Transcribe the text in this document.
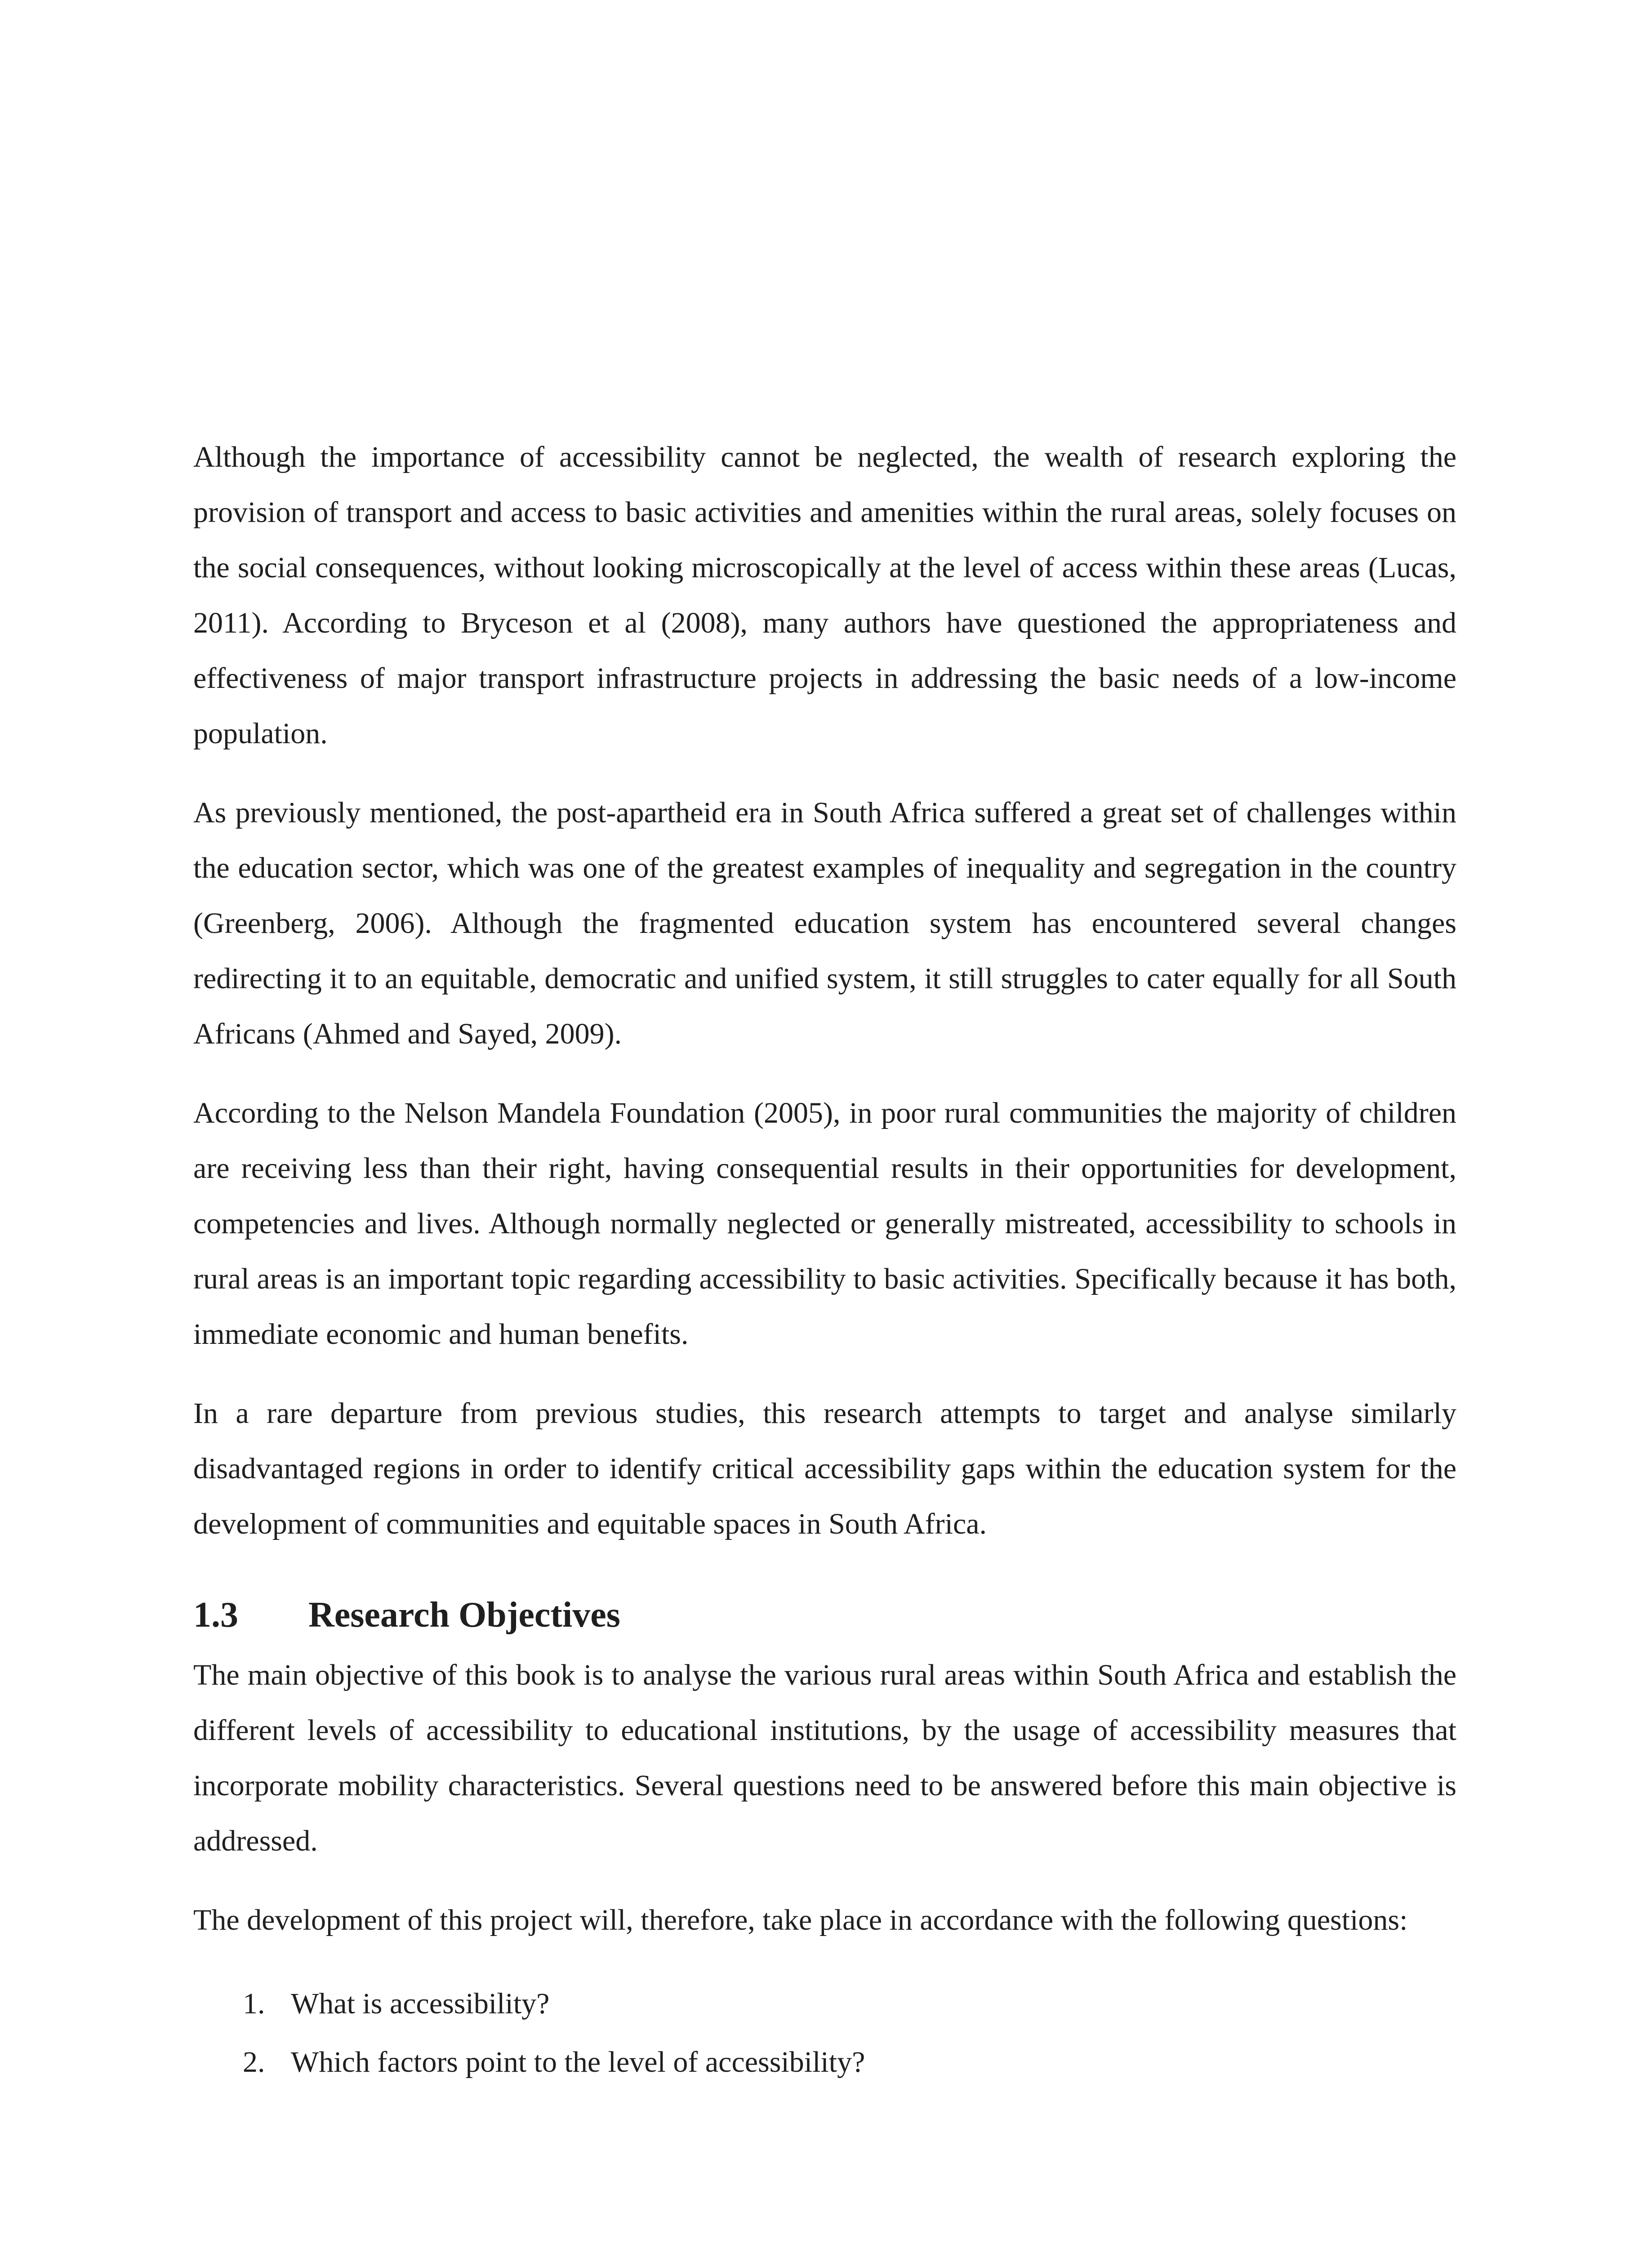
Although the importance of accessibility cannot be neglected, the wealth of research exploring the provision of transport and access to basic activities and amenities within the rural areas, solely focuses on the social consequences, without looking microscopically at the level of access within these areas (Lucas, 2011). According to Bryceson et al (2008), many authors have questioned the appropriateness and effectiveness of major transport infrastructure projects in addressing the basic needs of a low-income population.

As previously mentioned, the post-apartheid era in South Africa suffered a great set of challenges within the education sector, which was one of the greatest examples of inequality and segregation in the country (Greenberg, 2006). Although the fragmented education system has encountered several changes redirecting it to an equitable, democratic and unified system, it still struggles to cater equally for all South Africans (Ahmed and Sayed, 2009).

According to the Nelson Mandela Foundation (2005), in poor rural communities the majority of children are receiving less than their right, having consequential results in their opportunities for development, competencies and lives. Although normally neglected or generally mistreated, accessibility to schools in rural areas is an important topic regarding accessibility to basic activities. Specifically because it has both, immediate economic and human benefits.

In a rare departure from previous studies, this research attempts to target and analyse similarly disadvantaged regions in order to identify critical accessibility gaps within the education system for the development of communities and equitable spaces in South Africa.

1.3	Research Objectives

The main objective of this book is to analyse the various rural areas within South Africa and establish the different levels of accessibility to educational institutions, by the usage of accessibility measures that incorporate mobility characteristics. Several questions need to be answered before this main objective is addressed.

The development of this project will, therefore, take place in accordance with the following questions:

1. What is accessibility?
2. Which factors point to the level of accessibility?
